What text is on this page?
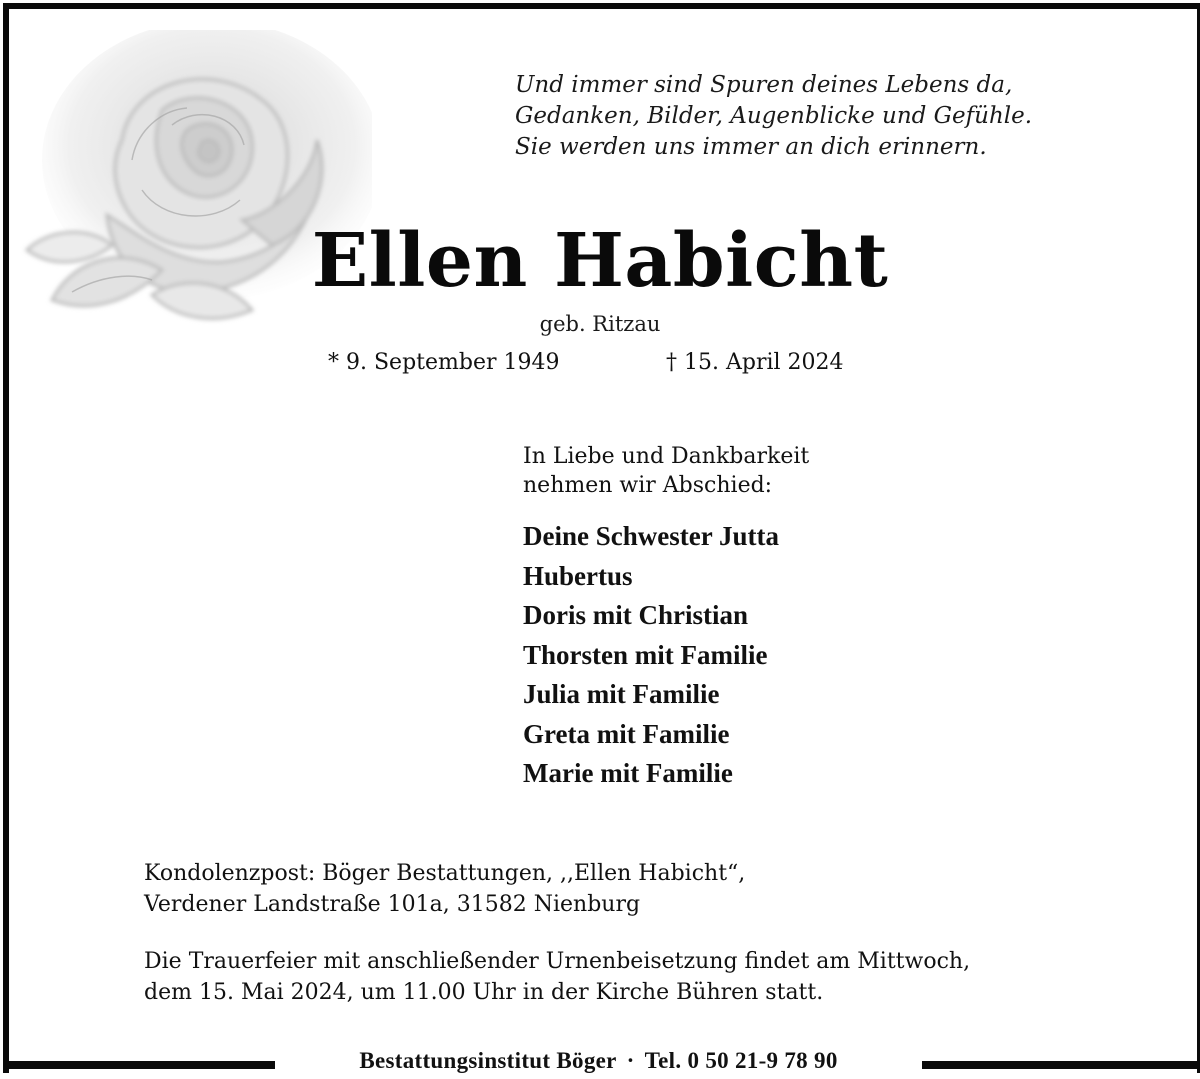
Und immer sind Spuren deines Lebens da,
Gedanken, Bilder, Augenblicke und Gefühle.
Sie werden uns immer an dich erinnern.
Ellen Habicht
geb. Ritzau
* 9. September 1949	† 15. April 2024
In Liebe und Dankbarkeit
nehmen wir Abschied:
Deine Schwester Jutta
Hubertus
Doris mit Christian
Thorsten mit Familie
Julia mit Familie
Greta mit Familie
Marie mit Familie
Kondolenzpost: Böger Bestattungen, ,,Ellen Habicht“,
Verdener Landstraße 101a, 31582 Nienburg
Die Trauerfeier mit anschließender Urnenbeisetzung findet am Mittwoch,
dem 15. Mai 2024, um 11.00 Uhr in der Kirche Bühren statt.
Bestattungsinstitut Böger · Tel. 0 50 21-9 78 90
